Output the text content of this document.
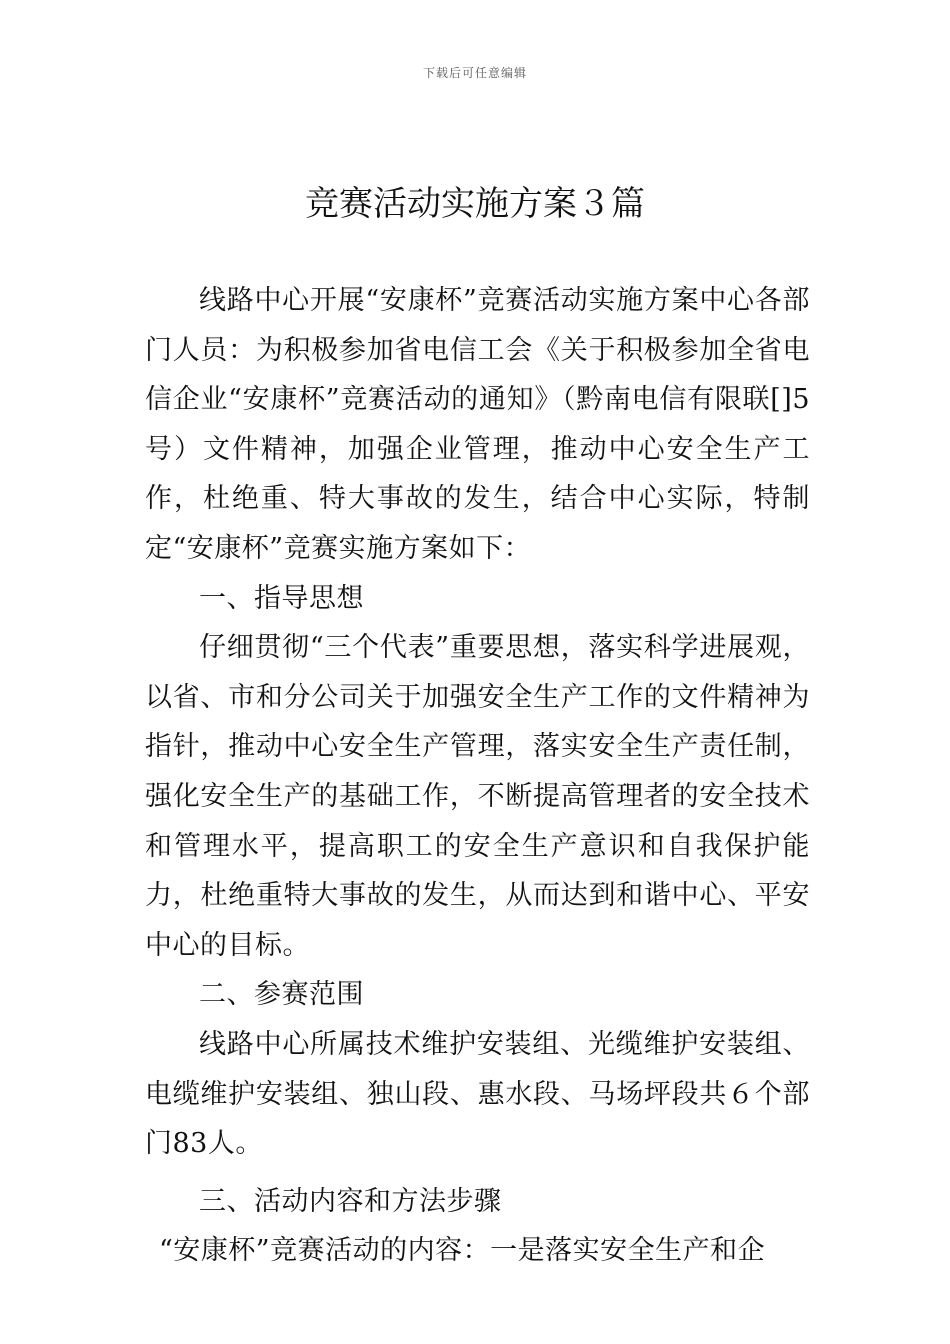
下载后可任意编辑
竞赛活动实施方案３篇

线路中心开展“安康杯”竞赛活动实施方案中心各部门人员：为积极参加省电信工会《关于积极参加全省电信企业“安康杯”竞赛活动的通知》（黔南电信有限联[]5号）文件精神，加强企业管理，推动中心安全生产工作，杜绝重、特大事故的发生，结合中心实际，特制定“安康杯”竞赛实施方案如下：

一、指导思想

仔细贯彻“三个代表”重要思想，落实科学进展观，以省、市和分公司关于加强安全生产工作的文件精神为指针，推动中心安全生产管理，落实安全生产责任制，强化安全生产的基础工作，不断提高管理者的安全技术和管理水平，提高职工的安全生产意识和自我保护能力，杜绝重特大事故的发生，从而达到和谐中心、平安中心的目标。

二、参赛范围

线路中心所属技术维护安装组、光缆维护安装组、电缆维护安装组、独山段、惠水段、马场坪段共６个部门83人。

三、活动内容和方法步骤

“安康杯”竞赛活动的内容：一是落实安全生产和企
